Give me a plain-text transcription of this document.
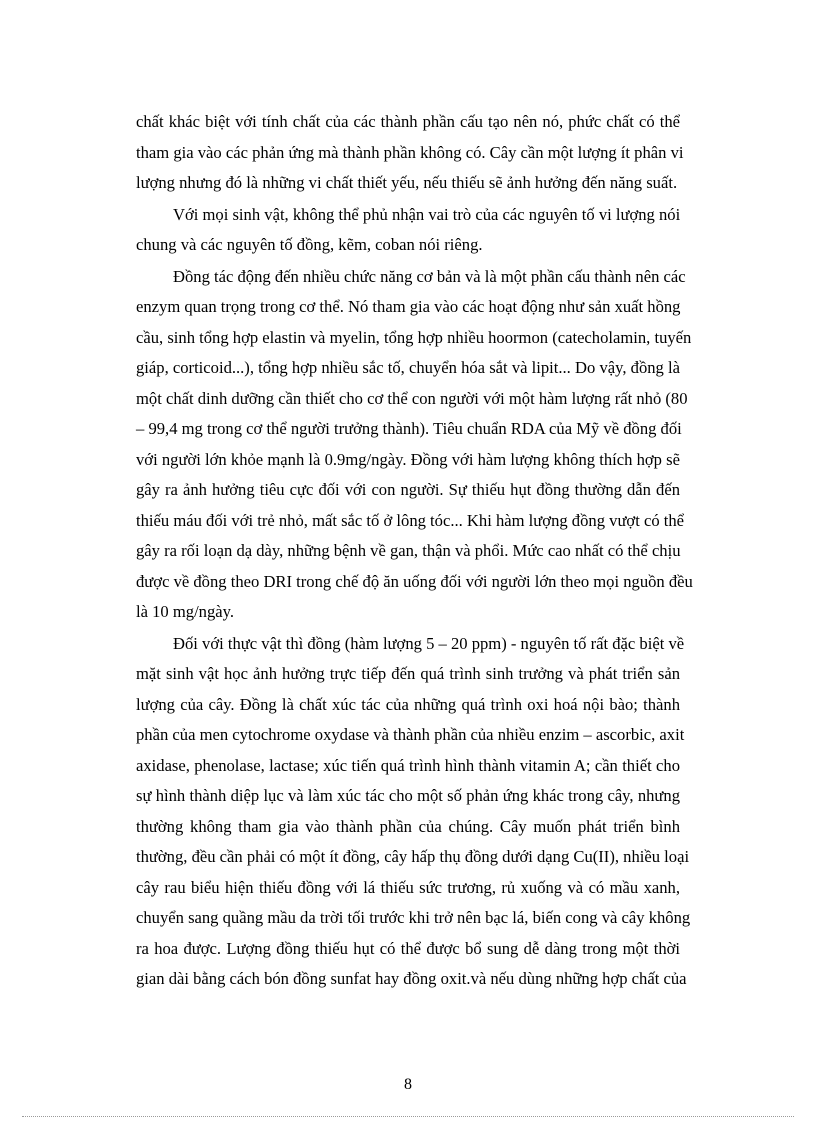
chất khác biệt với tính chất của các thành phần cấu tạo nên nó, phức chất có thể
tham gia vào các phản ứng mà thành phần không có. Cây cần một lượng ít phân vi
lượng nhưng đó là những vi chất thiết yếu, nếu thiếu sẽ ảnh hưởng đến năng suất.
Với mọi sinh vật, không thể phủ nhận vai trò của các nguyên tố vi lượng nói
chung và các nguyên tố đồng, kẽm, coban nói riêng.
Đồng tác động đến nhiều chức năng cơ bản và là một phần cấu thành nên các
enzym quan trọng trong cơ thể. Nó tham gia vào các hoạt động như sản xuất hồng
cầu, sinh tổng hợp elastin và myelin, tổng hợp nhiều hoormon (catecholamin, tuyến
giáp, corticoid...), tổng hợp nhiều sắc tố, chuyển hóa sắt và lipit... Do vậy, đồng là
một chất dinh dưỡng cần thiết cho cơ thể con người với một hàm lượng rất nhỏ (80
– 99,4 mg trong cơ thể người trưởng thành). Tiêu chuẩn RDA của Mỹ về đồng đối
với người lớn khỏe mạnh là 0.9mg/ngày. Đồng với hàm lượng không thích hợp sẽ
gây ra ảnh hưởng tiêu cực đối với con người. Sự thiếu hụt đồng thường dẫn đến
thiếu máu đối với trẻ nhỏ, mất sắc tố ở lông tóc... Khi hàm lượng đồng vượt có thể
gây ra rối loạn dạ dày, những bệnh về gan, thận và phổi. Mức cao nhất có thể chịu
được về đồng theo DRI trong chế độ ăn uống đối với người lớn theo mọi nguồn đều
là 10 mg/ngày.
Đối với thực vật thì đồng (hàm lượng 5 – 20 ppm) - nguyên tố rất đặc biệt về
mặt sinh vật học ảnh hưởng trực tiếp đến quá trình sinh trưởng và phát triển sản
lượng của cây. Đồng là chất xúc tác của những quá trình oxi hoá nội bào; thành
phần của men cytochrome oxydase và thành phần của nhiều enzim – ascorbic, axit
axidase, phenolase, lactase; xúc tiến quá trình hình thành vitamin A; cần thiết cho
sự hình thành diệp lục và làm xúc tác cho một số phản ứng khác trong cây, nhưng
thường không tham gia vào thành phần của chúng. Cây muốn phát triển bình
thường, đều cần phải có một ít đồng, cây hấp thụ đồng dưới dạng Cu(II), nhiều loại
cây rau biểu hiện thiếu đồng với lá thiếu sức trương, rủ xuống và có mầu xanh,
chuyển sang quầng mầu da trời tối trước khi trở nên bạc lá, biến cong và cây không
ra hoa được. Lượng đồng thiếu hụt có thể được bổ sung dễ dàng trong một thời
gian dài bằng cách bón đồng sunfat hay đồng oxit.và nếu dùng những hợp chất của
8
